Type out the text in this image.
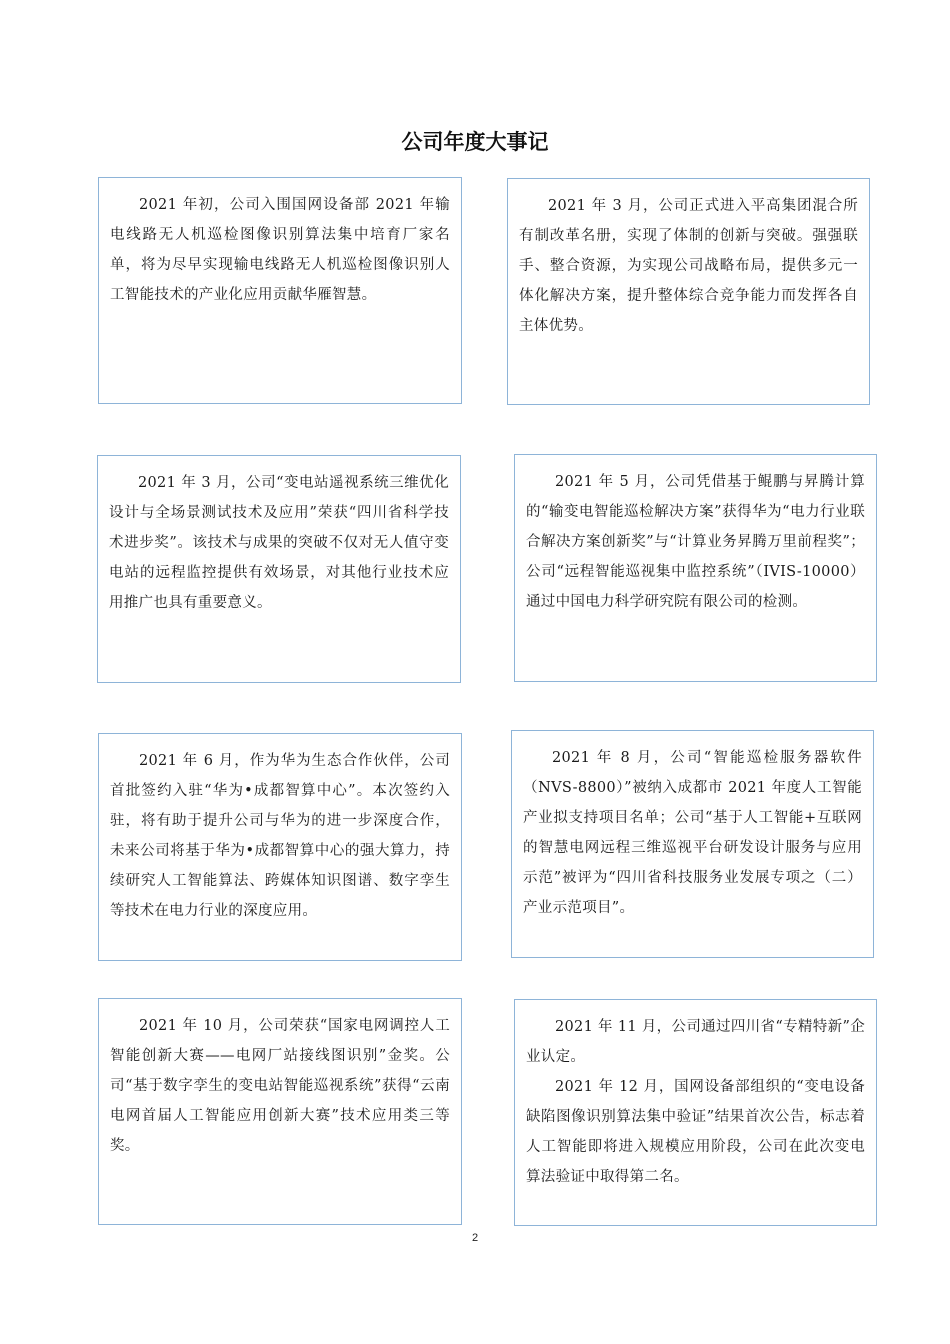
公司年度大事记

2021 年初，公司入围国网设备部 2021 年输电线路无人机巡检图像识别算法集中培育厂家名单，将为尽早实现输电线路无人机巡检图像识别人工智能技术的产业化应用贡献华雁智慧。

2021 年 3 月，公司正式进入平高集团混合所有制改革名册，实现了体制的创新与突破。强强联手、整合资源，为实现公司战略布局，提供多元一体化解决方案，提升整体综合竞争能力而发挥各自主体优势。

2021 年 3 月，公司“变电站遥视系统三维优化设计与全场景测试技术及应用”荣获“四川省科学技术进步奖”。该技术与成果的突破不仅对无人值守变电站的远程监控提供有效场景，对其他行业技术应用推广也具有重要意义。

2021 年 5 月，公司凭借基于鲲鹏与昇腾计算的“输变电智能巡检解决方案”获得华为“电力行业联合解决方案创新奖”与“计算业务昇腾万里前程奖”；公司“远程智能巡视集中监控系统”（IVIS-10000）通过中国电力科学研究院有限公司的检测。

2021 年 6 月，作为华为生态合作伙伴，公司首批签约入驻“华为•成都智算中心”。本次签约入驻，将有助于提升公司与华为的进一步深度合作，未来公司将基于华为•成都智算中心的强大算力，持续研究人工智能算法、跨媒体知识图谱、数字孪生等技术在电力行业的深度应用。

2021 年 8 月，公司“智能巡检服务器软件（NVS-8800）”被纳入成都市 2021 年度人工智能产业拟支持项目名单；公司“基于人工智能+互联网的智慧电网远程三维巡视平台研发设计服务与应用示范”被评为“四川省科技服务业发展专项之（二）产业示范项目”。

2021 年 10 月，公司荣获“国家电网调控人工智能创新大赛——电网厂站接线图识别”金奖。公司“基于数字孪生的变电站智能巡视系统”获得“云南电网首届人工智能应用创新大赛”技术应用类三等奖。

2021 年 11 月，公司通过四川省“专精特新”企业认定。

2021 年 12 月，国网设备部组织的“变电设备缺陷图像识别算法集中验证”结果首次公告，标志着人工智能即将进入规模应用阶段，公司在此次变电算法验证中取得第二名。

2
